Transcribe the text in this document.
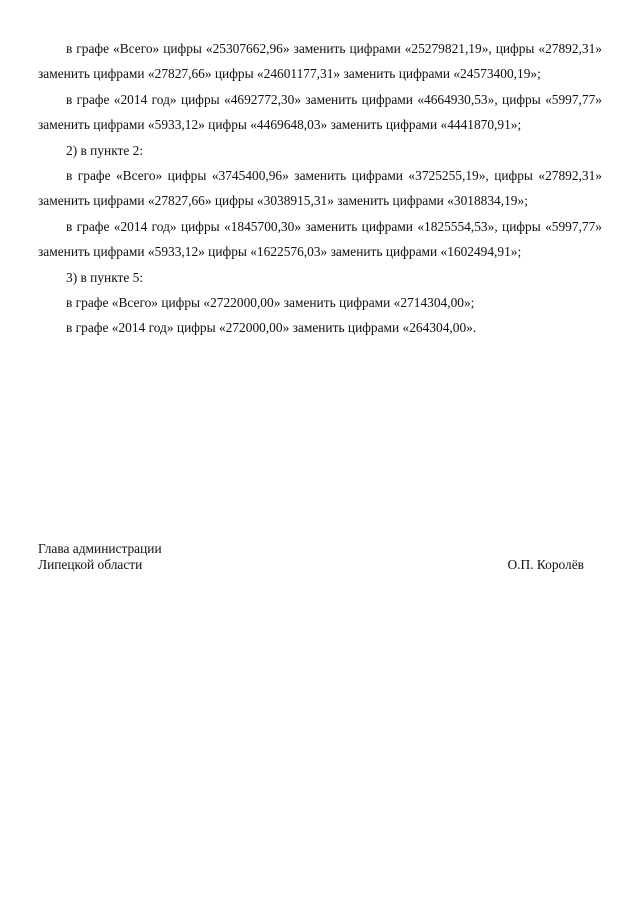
в графе «Всего» цифры «25307662,96» заменить цифрами «25279821,19», цифры «27892,31» заменить цифрами «27827,66» цифры «24601177,31» заменить цифрами «24573400,19»;

в графе «2014 год» цифры «4692772,30» заменить цифрами «4664930,53», цифры «5997,77» заменить цифрами «5933,12» цифры «4469648,03» заменить цифрами «4441870,91»;

2) в пункте 2:

в графе «Всего» цифры «3745400,96» заменить цифрами «3725255,19», цифры «27892,31» заменить цифрами «27827,66» цифры «3038915,31» заменить цифрами «3018834,19»;

в графе «2014 год» цифры «1845700,30» заменить цифрами «1825554,53», цифры «5997,77» заменить цифрами «5933,12» цифры «1622576,03» заменить цифрами «1602494,91»;

3) в пункте 5:

в графе «Всего» цифры «2722000,00» заменить цифрами «2714304,00»;

в графе «2014 год» цифры «272000,00» заменить цифрами «264304,00».

Глава администрации
Липецкой области	О.П. Королёв
